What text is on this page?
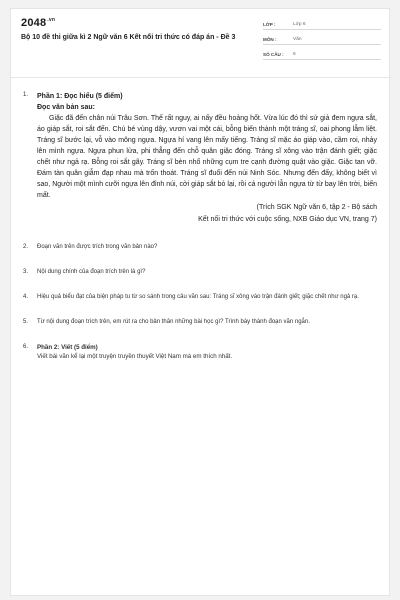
$2048^{.vn}$
Bộ 10 đề thi giữa kì 2 Ngữ văn 6 Kết nối tri thức có đáp án - Đề 3
LỚP :	Lớp 6
MÔN :	Văn
SỐ CÂU :	6
1.	Phần 1: Đọc hiểu (5 điểm)
Đọc văn bản sau:
Giặc đã đến chân núi Trâu Sơn. Thế rất nguy, ai nấy đều hoảng hốt. Vừa lúc đó thì sứ giả đem ngựa sắt, áo giáp sắt, roi sắt đến. Chú bé vùng dậy, vươn vai một cái, bỗng biến thành một tráng sĩ, oai phong lẫm liệt. Tráng sĩ bước lại, vỗ vào mông ngựa. Ngựa hí vang lên mấy tiếng. Tráng sĩ mặc áo giáp vào, cầm roi, nhảy lên mình ngựa. Ngựa phun lửa, phi thẳng đến chỗ quân giặc đóng. Tráng sĩ xông vào trận đánh giết; giặc chết như ngả rạ. Bỗng roi sắt gãy. Tráng sĩ bèn nhổ những cụm tre cạnh đường quật vào giặc. Giặc tan vỡ. Đám tàn quân giẫm đạp nhau mà trốn thoát. Tráng sĩ đuổi đến núi Ninh Sóc. Nhưng đến đấy, không biết vì sao, Người một mình cưỡi ngựa lên đỉnh núi, cởi giáp sắt bỏ lại, rồi cả người lẫn ngựa từ từ bay lên trời, biến mất.
(Trích SGK Ngữ văn 6, tập 2 - Bộ sách
Kết nối tri thức với cuộc sống, NXB Giáo dục VN, trang 7)
2.	Đoạn văn trên được trích trong văn bản nào?
3.	Nội dung chính của đoạn trích trên là gì?
4.	Hiệu quả biểu đạt của biện pháp tu từ so sánh trong câu văn sau: Tráng sĩ xông vào trận đánh giết; giặc chết như ngả rạ.
5.	Từ nội dung đoạn trích trên, em rút ra cho bản thân những bài học gì? Trình bày thành đoạn văn ngắn.
6.	Phần 2: Viết (5 điểm)
Viết bài văn kể lại một truyện truyền thuyết Việt Nam mà em thích nhất.
